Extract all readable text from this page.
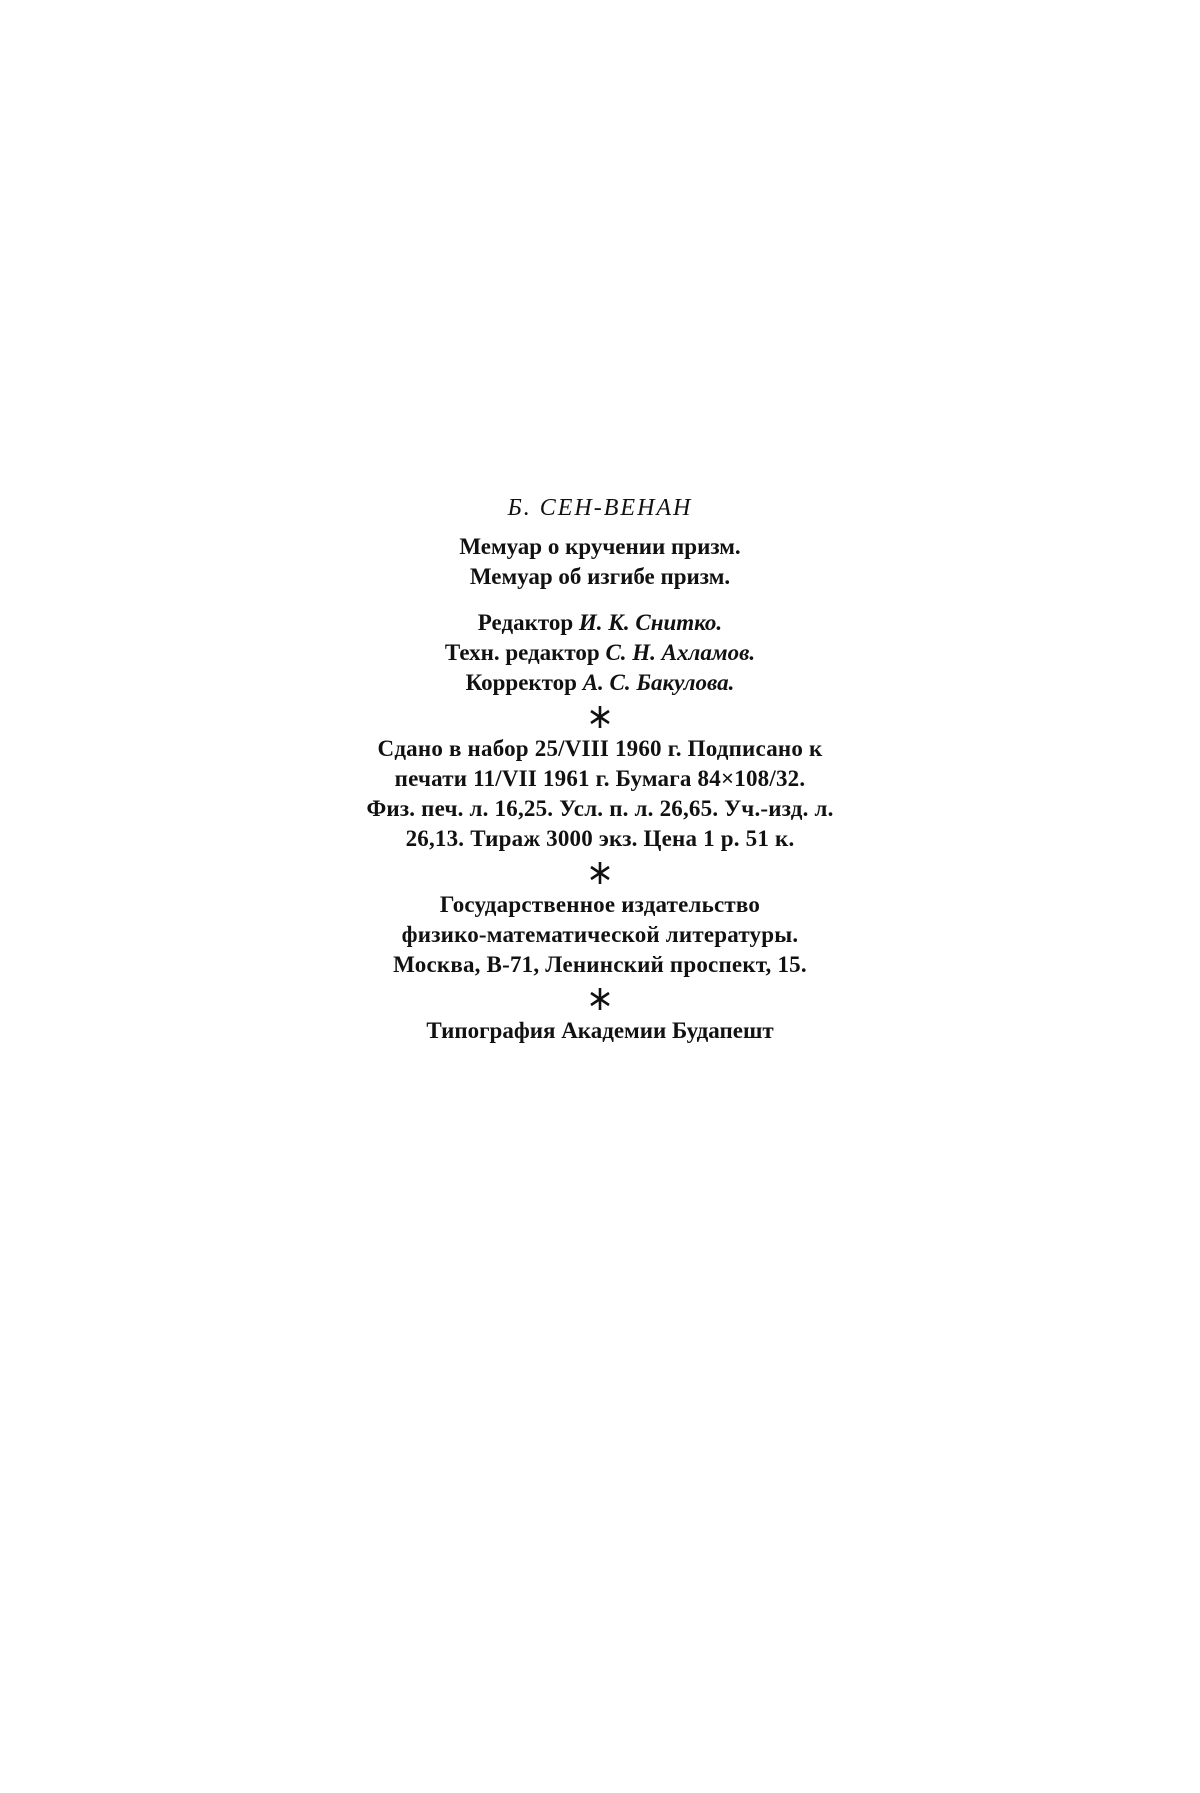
Б. СЕН-ВЕНАН
Мемуар о кручении призм.
Мемуар об изгибе призм.
Редактор И. К. Снитко.
Техн. редактор С. Н. Ахламов.
Корректор А. С. Бакулова.
Сдано в набор 25/VIII 1960 г. Подписано к
печати 11/VII 1961 г. Бумага 84×108/32.
Физ. печ. л. 16,25. Усл. п. л. 26,65. Уч.-изд. л.
26,13. Тираж 3000 экз. Цена 1 р. 51 к.
Государственное издательство
физико-математической литературы.
Москва, В-71, Ленинский проспект, 15.
Типография Академии Будапешт
